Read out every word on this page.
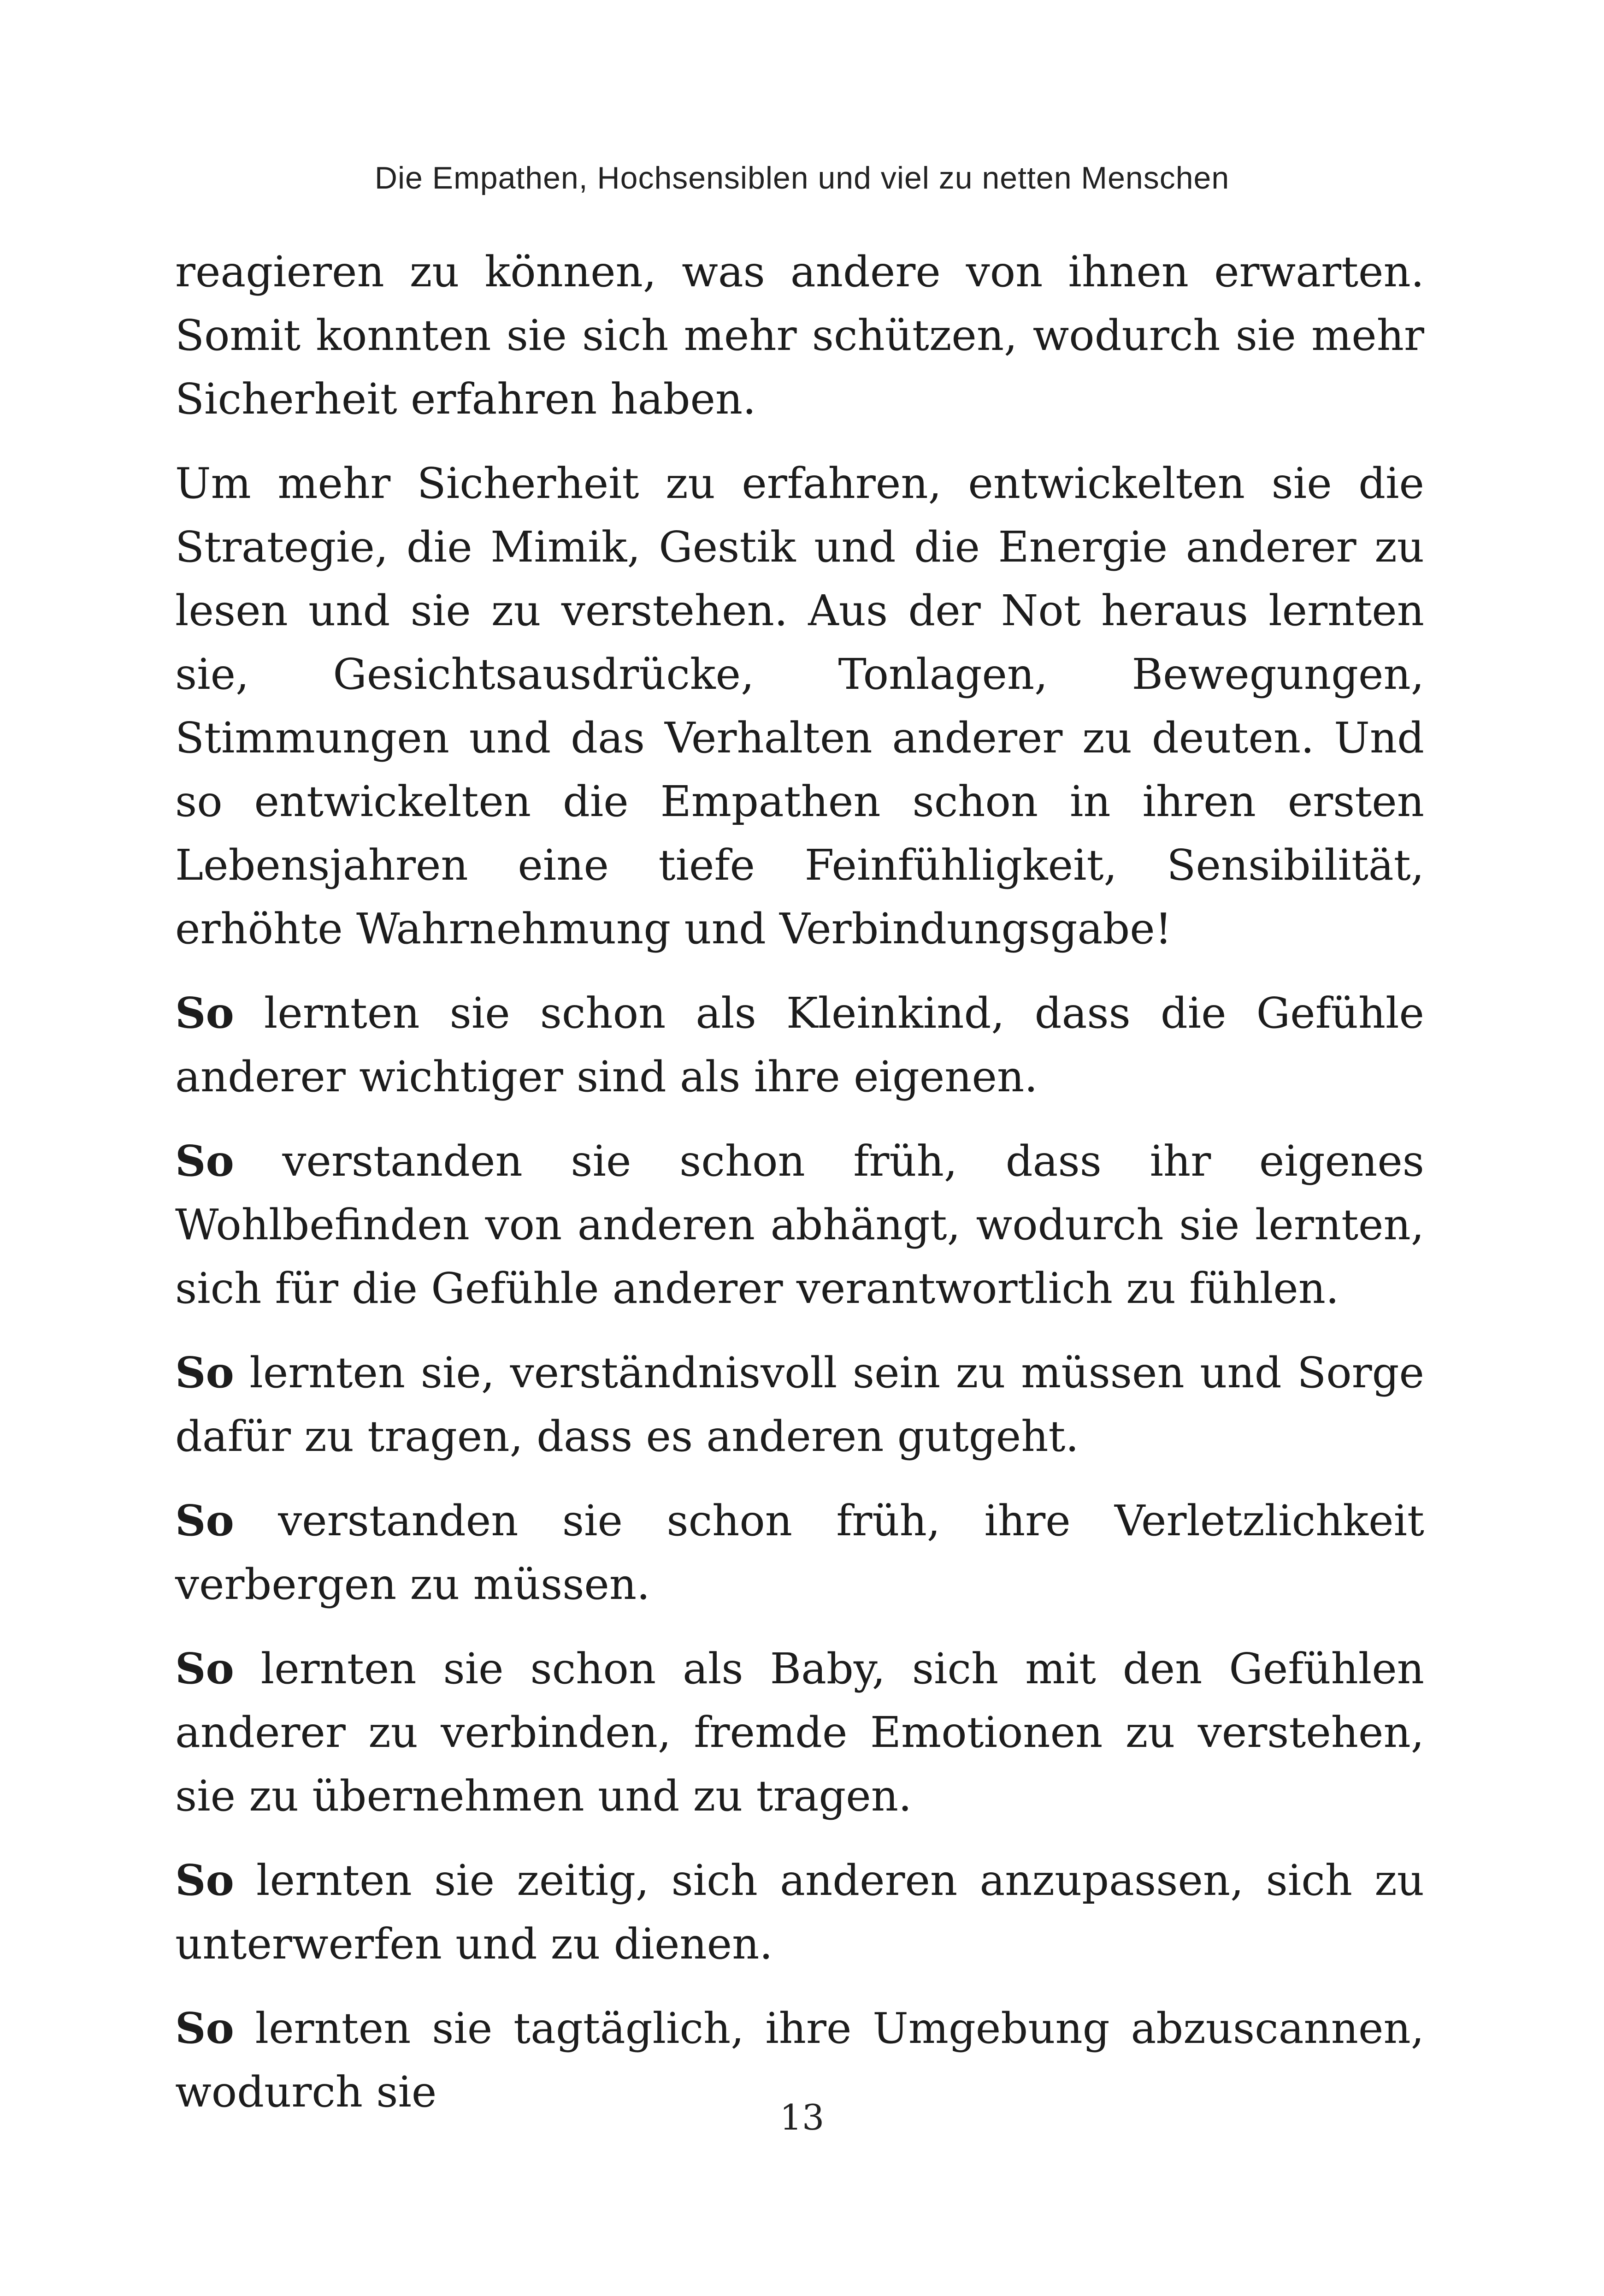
Die Empathen, Hochsensiblen und viel zu netten Menschen

reagieren zu können, was andere von ihnen erwarten. Somit konnten sie sich mehr schützen, wodurch sie mehr Sicherheit erfahren haben.

Um mehr Sicherheit zu erfahren, entwickelten sie die Strategie, die Mimik, Gestik und die Energie anderer zu lesen und sie zu verstehen. Aus der Not heraus lernten sie, Gesichtsausdrücke, Tonlagen, Bewegungen, Stimmungen und das Verhalten anderer zu deuten. Und so entwickelten die Empathen schon in ihren ersten Lebensjahren eine tiefe Feinfühligkeit, Sensibilität, erhöhte Wahrnehmung und Verbindungsgabe!

So lernten sie schon als Kleinkind, dass die Gefühle anderer wichtiger sind als ihre eigenen.

So verstanden sie schon früh, dass ihr eigenes Wohlbefinden von anderen abhängt, wodurch sie lernten, sich für die Gefühle anderer verantwortlich zu fühlen.

So lernten sie, verständnisvoll sein zu müssen und Sorge dafür zu tragen, dass es anderen gutgeht.

So verstanden sie schon früh, ihre Verletzlichkeit verbergen zu müssen.

So lernten sie schon als Baby, sich mit den Gefühlen anderer zu verbinden, fremde Emotionen zu verstehen, sie zu übernehmen und zu tragen.

So lernten sie zeitig, sich anderen anzupassen, sich zu unterwerfen und zu dienen.

So lernten sie tagtäglich, ihre Umgebung abzuscannen, wodurch sie

13
